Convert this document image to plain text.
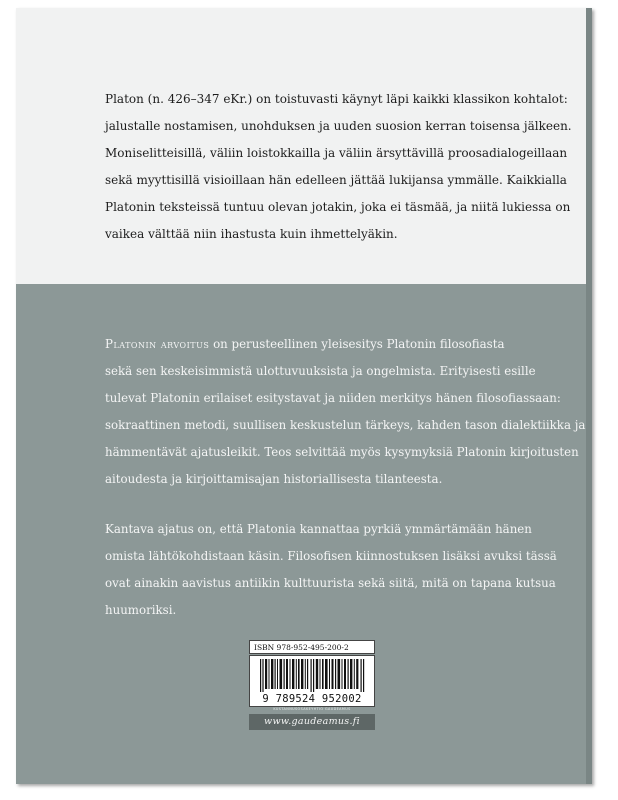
Platon (n. 426–347 eKr.) on toistuvasti käynyt läpi kaikki klassikon kohtalot:
jalustalle nostamisen, unohduksen ja uuden suosion kerran toisensa jälkeen.
Moniselitteisillä, väliin loistokkailla ja väliin ärsyttävillä proosadialogeillaan
sekä myyttisillä visioillaan hän edelleen jättää lukijansa ymmälle. Kaikkialla
Platonin teksteissä tuntuu olevan jotakin, joka ei täsmää, ja niitä lukiessa on
vaikea välttää niin ihastusta kuin ihmettelyäkin.

Platonin arvoitus on perusteellinen yleisesitys Platonin filosofiasta
sekä sen keskeisimmistä ulottuvuuksista ja ongelmista. Erityisesti esille
tulevat Platonin erilaiset esitystavat ja niiden merkitys hänen filosofiassaan:
sokraattinen metodi, suullisen keskustelun tärkeys, kahden tason dialektiikka ja
hämmentävät ajatusleikit. Teos selvittää myös kysymyksiä Platonin kirjoitusten
aitoudesta ja kirjoittamisajan historiallisesta tilanteesta.

Kantava ajatus on, että Platonia kannattaa pyrkiä ymmärtämään hänen
omista lähtökohdistaan käsin. Filosofisen kiinnostuksen lisäksi avuksi tässä
ovat ainakin aavistus antiikin kulttuurista sekä siitä, mitä on tapana kutsua
huumoriksi.

ISBN 978-952-495-200-2
9 789524 952002
KUSTANNUSOSAKEYHTIÖ GAUDEAMUS
www.gaudeamus.fi
